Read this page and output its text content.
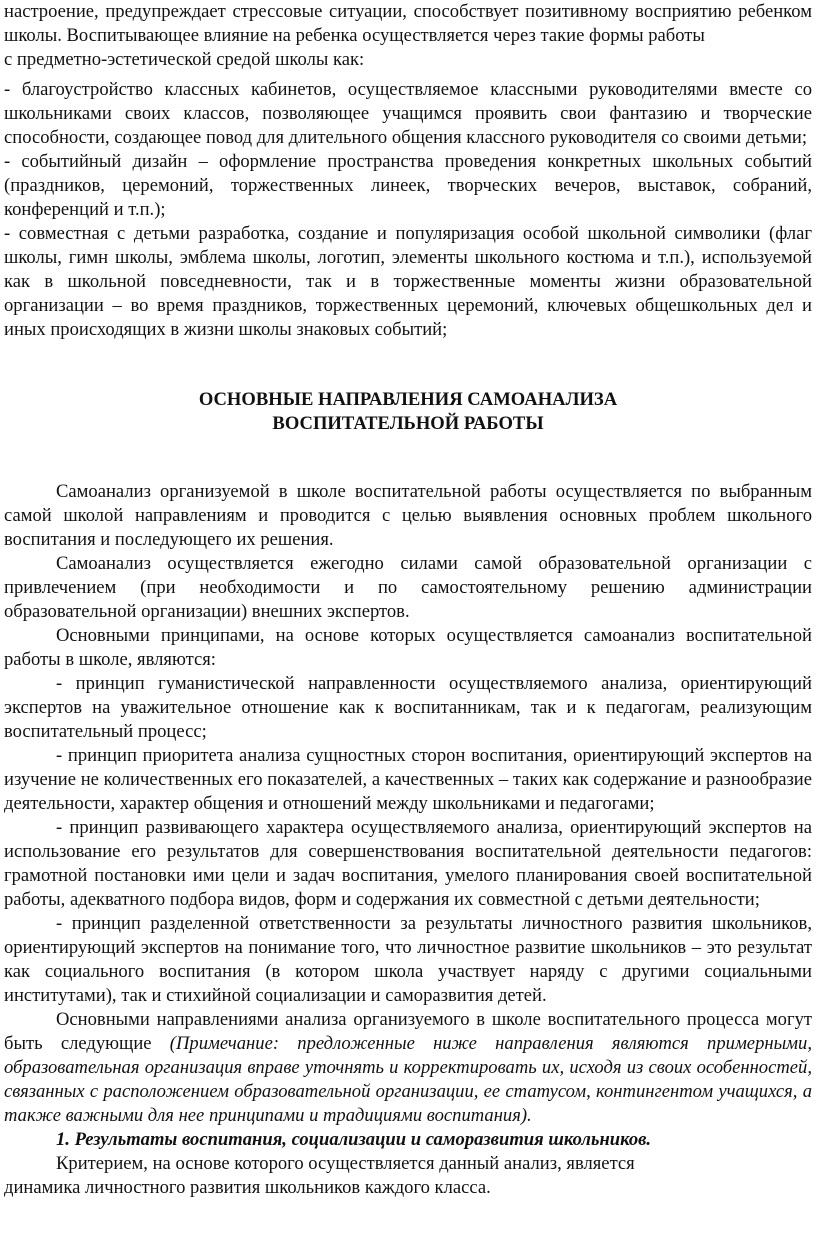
настроение, предупреждает стрессовые ситуации, способствует позитивному восприятию ребенком школы. Воспитывающее влияние на ребенка осуществляется через такие формы работы

с предметно-эстетической средой школы как:

- благоустройство классных кабинетов, осуществляемое классными руководителями вместе со школьниками своих классов, позволяющее учащимся проявить свои фантазию и творческие способности, создающее повод для длительного общения классного руководителя со своими детьми;

- событийный дизайн – оформление пространства проведения конкретных школьных событий (праздников, церемоний, торжественных линеек, творческих вечеров, выставок, собраний, конференций и т.п.);

- совместная с детьми разработка, создание и популяризация особой школьной символики (флаг школы, гимн школы, эмблема школы, логотип, элементы школьного костюма и т.п.), используемой как в школьной повседневности, так и в торжественные моменты жизни образовательной организации – во время праздников, торжественных церемоний, ключевых общешкольных дел и иных происходящих в жизни школы знаковых событий;

ОСНОВНЫЕ НАПРАВЛЕНИЯ САМОАНАЛИЗА
ВОСПИТАТЕЛЬНОЙ РАБОТЫ

Самоанализ организуемой в школе воспитательной работы осуществляется по выбранным самой школой направлениям и проводится с целью выявления основных проблем школьного воспитания и последующего их решения.

Самоанализ осуществляется ежегодно силами самой образовательной организации с привлечением (при необходимости и по самостоятельному решению администрации образовательной организации) внешних экспертов.

Основными принципами, на основе которых осуществляется самоанализ воспитательной работы в школе, являются:

- принцип гуманистической направленности осуществляемого анализа, ориентирующий экспертов на уважительное отношение как к воспитанникам, так и к педагогам, реализующим воспитательный процесс;

- принцип приоритета анализа сущностных сторон воспитания, ориентирующий экспертов на изучение не количественных его показателей, а качественных – таких как содержание и разнообразие деятельности, характер общения и отношений между школьниками и педагогами;

- принцип развивающего характера осуществляемого анализа, ориентирующий экспертов на использование его результатов для совершенствования воспитательной деятельности педагогов: грамотной постановки ими цели и задач воспитания, умелого планирования своей воспитательной работы, адекватного подбора видов, форм и содержания их совместной с детьми деятельности;

- принцип разделенной ответственности за результаты личностного развития школьников, ориентирующий экспертов на понимание того, что личностное развитие школьников – это результат как социального воспитания (в котором школа участвует наряду с другими социальными институтами), так и стихийной социализации и саморазвития детей.

Основными направлениями анализа организуемого в школе воспитательного процесса могут быть следующие (Примечание: предложенные ниже направления являются примерными, образовательная организация вправе уточнять и корректировать их, исходя из своих особенностей, связанных с расположением образовательной организации, ее статусом, контингентом учащихся, а также важными для нее принципами и традициями воспитания).

1. Результаты воспитания, социализации и саморазвития школьников.

Критерием, на основе которого осуществляется данный анализ, является

динамика личностного развития школьников каждого класса.
